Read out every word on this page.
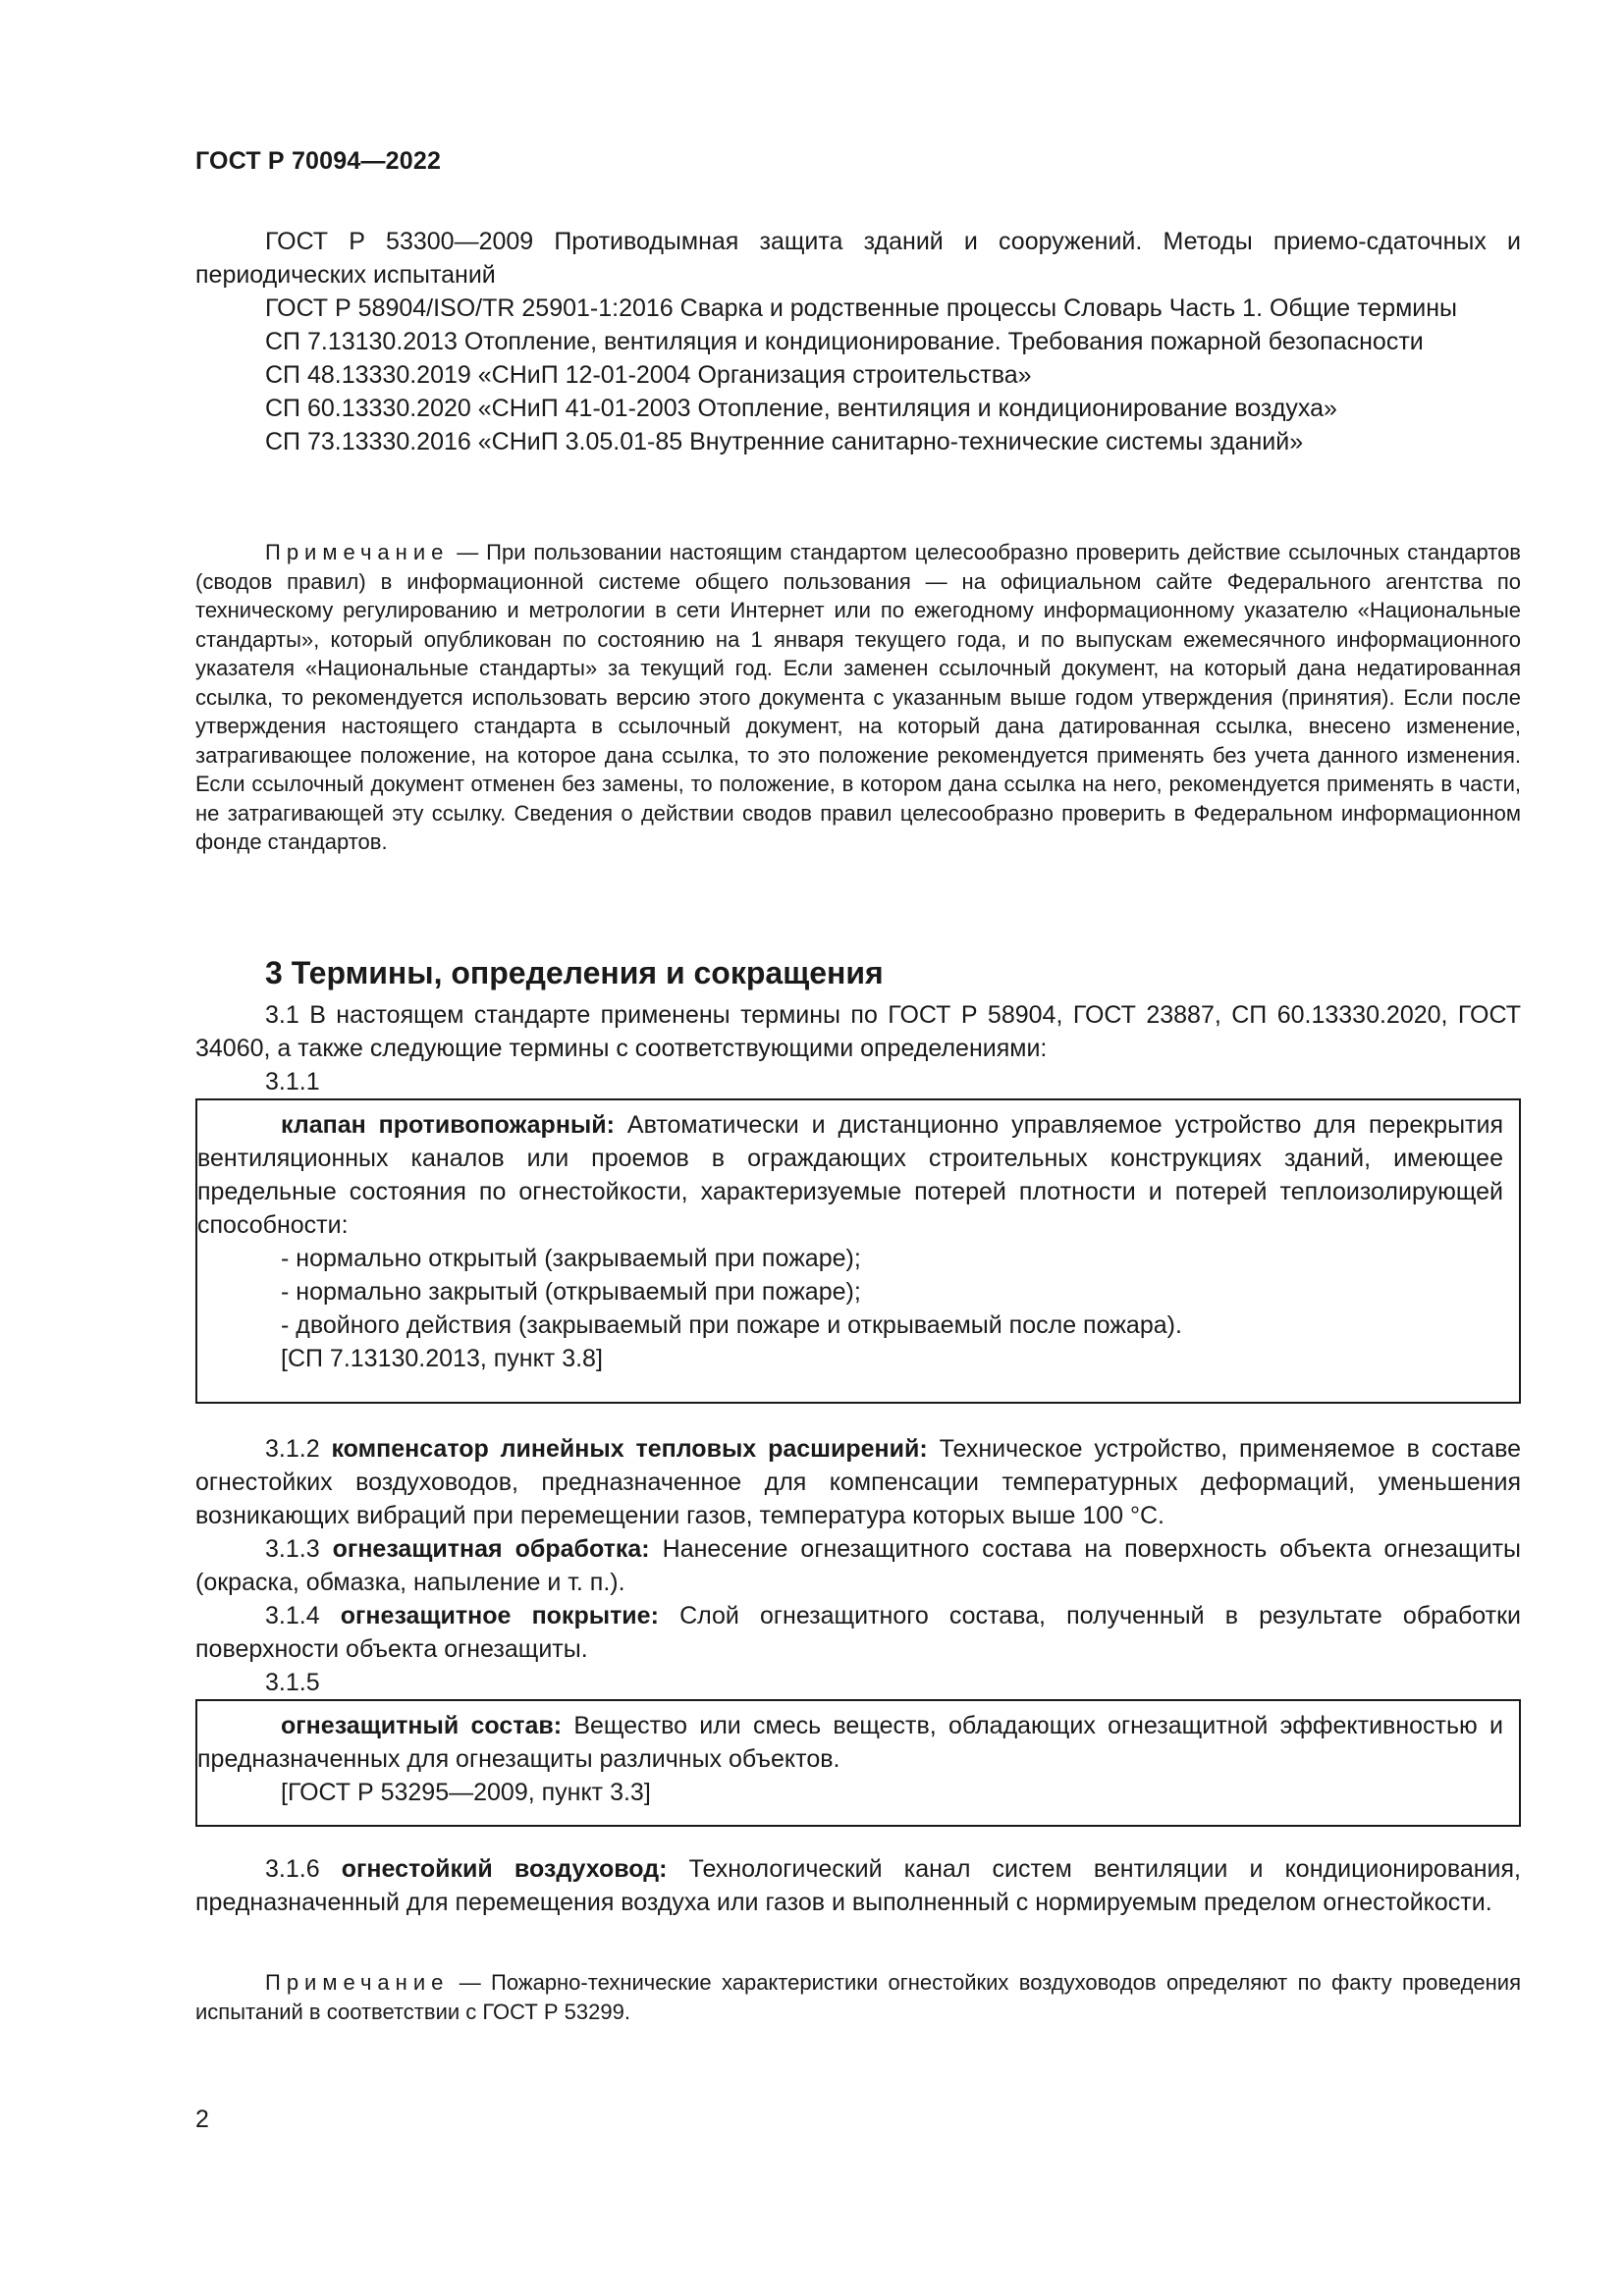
ГОСТ Р 70094—2022

ГОСТ Р 53300—2009 Противодымная защита зданий и сооружений. Методы приемо-сдаточных и периодических испытаний

ГОСТ Р 58904/ISO/TR 25901-1:2016 Сварка и родственные процессы Словарь Часть 1. Общие термины

СП 7.13130.2013 Отопление, вентиляция и кондиционирование. Требования пожарной безопасности

СП 48.13330.2019 «СНиП 12-01-2004 Организация строительства»

СП 60.13330.2020 «СНиП 41-01-2003 Отопление, вентиляция и кондиционирование воздуха»

СП 73.13330.2016 «СНиП 3.05.01-85 Внутренние санитарно-технические системы зданий»

Примечание — При пользовании настоящим стандартом целесообразно проверить действие ссылочных стандартов (сводов правил) в информационной системе общего пользования — на официальном сайте Федерального агентства по техническому регулированию и метрологии в сети Интернет или по ежегодному информационному указателю «Национальные стандарты», который опубликован по состоянию на 1 января текущего года, и по выпускам ежемесячного информационного указателя «Национальные стандарты» за текущий год. Если заменен ссылочный документ, на который дана недатированная ссылка, то рекомендуется использовать версию этого документа с указанным выше годом утверждения (принятия). Если после утверждения настоящего стандарта в ссылочный документ, на который дана датированная ссылка, внесено изменение, затрагивающее положение, на которое дана ссылка, то это положение рекомендуется применять без учета данного изменения. Если ссылочный документ отменен без замены, то положение, в котором дана ссылка на него, рекомендуется применять в части, не затрагивающей эту ссылку. Сведения о действии сводов правил целесообразно проверить в Федеральном информационном фонде стандартов.

3 Термины, определения и сокращения

3.1 В настоящем стандарте применены термины по ГОСТ Р 58904, ГОСТ 23887, СП 60.13330.2020, ГОСТ 34060, а также следующие термины с соответствующими определениями:

3.1.1

клапан противопожарный: Автоматически и дистанционно управляемое устройство для перекрытия вентиляционных каналов или проемов в ограждающих строительных конструкциях зданий, имеющее предельные состояния по огнестойкости, характеризуемые потерей плотности и потерей теплоизолирующей способности:

- нормально открытый (закрываемый при пожаре);

- нормально закрытый (открываемый при пожаре);

- двойного действия (закрываемый при пожаре и открываемый после пожара).

[СП 7.13130.2013, пункт 3.8]

3.1.2 компенсатор линейных тепловых расширений: Техническое устройство, применяемое в составе огнестойких воздуховодов, предназначенное для компенсации температурных деформаций, уменьшения возникающих вибраций при перемещении газов, температура которых выше 100 °С.

3.1.3 огнезащитная обработка: Нанесение огнезащитного состава на поверхность объекта огнезащиты (окраска, обмазка, напыление и т. п.).

3.1.4 огнезащитное покрытие: Слой огнезащитного состава, полученный в результате обработки поверхности объекта огнезащиты.

3.1.5

огнезащитный состав: Вещество или смесь веществ, обладающих огнезащитной эффективностью и предназначенных для огнезащиты различных объектов.

[ГОСТ Р 53295—2009, пункт 3.3]

3.1.6 огнестойкий воздуховод: Технологический канал систем вентиляции и кондиционирования, предназначенный для перемещения воздуха или газов и выполненный с нормируемым пределом огнестойкости.

Примечание — Пожарно-технические характеристики огнестойких воздуховодов определяют по факту проведения испытаний в соответствии с ГОСТ Р 53299.

2
